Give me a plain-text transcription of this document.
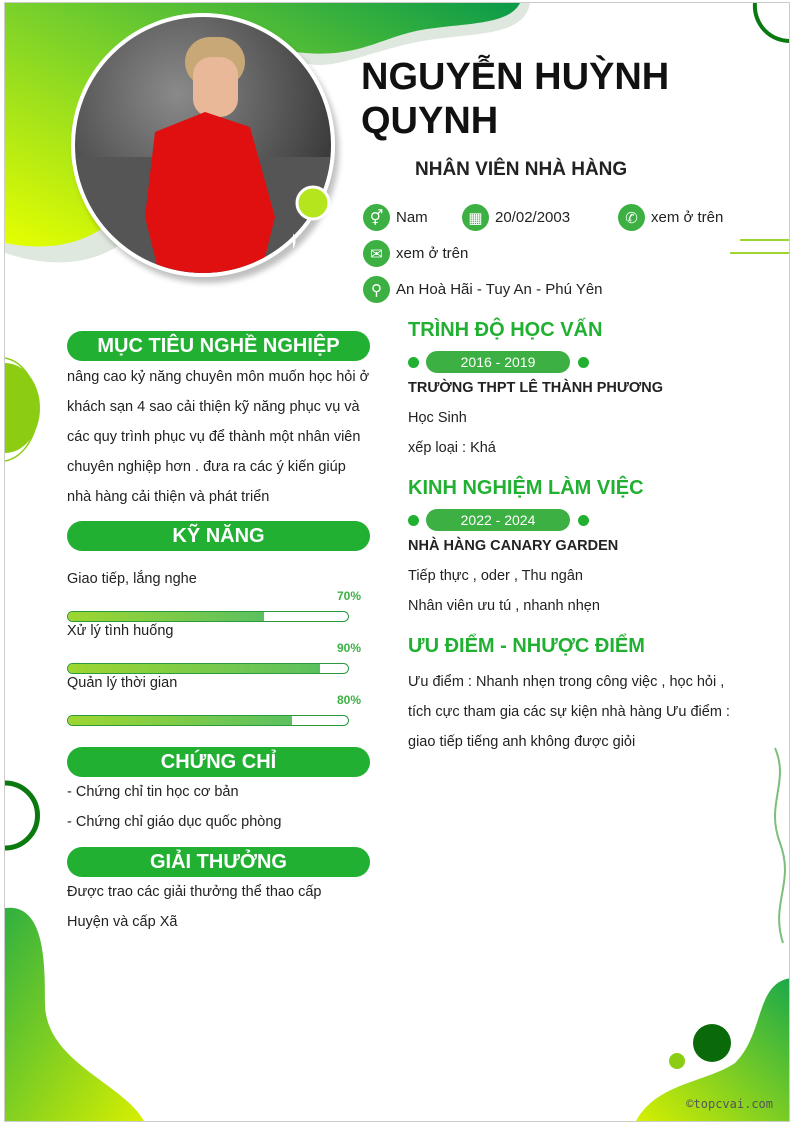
NGUYỄN HUỲNH
QUYNH
NHÂN VIÊN NHÀ HÀNG
⚥ Nam	▦ 20/02/2003	✆ xem ở trên
✉ xem ở trên
⚲ An Hoà Hãi - Tuy An - Phú Yên
MỤC TIÊU NGHỀ NGHIỆP
nâng cao kỷ năng chuyên môn muốn học hỏi ở khách sạn 4 sao cải thiện kỹ năng phục vụ và các quy trình phục vụ để thành một nhân viên chuyên nghiệp hơn . đưa ra các ý kiến giúp nhà hàng cải thiện và phát triển
KỸ NĂNG
Giao tiếp, lắng nghe
70%
Xử lý tình huống
90%
Quản lý thời gian
80%
CHỨNG CHỈ
- Chứng chỉ tin học cơ bản
- Chứng chỉ giáo dục quốc phòng
GIẢI THƯỞNG
Được trao các giải thưởng thể thao cấp Huyện và cấp Xã
TRÌNH ĐỘ HỌC VẤN
2016 - 2019
TRƯỜNG THPT LÊ THÀNH PHƯƠNG
Học Sinh
xếp loại : Khá
KINH NGHIỆM LÀM VIỆC
2022 - 2024
NHÀ HÀNG CANARY GARDEN
Tiếp thực , oder , Thu ngân
Nhân viên ưu tú , nhanh nhẹn
ƯU ĐIỂM - NHƯỢC ĐIỂM
Ưu điểm : Nhanh nhẹn trong công việc , học hỏi , tích cực tham gia các sự kiện nhà hàng Ưu điểm : giao tiếp tiếng anh không được giỏi
©topcvai.com
